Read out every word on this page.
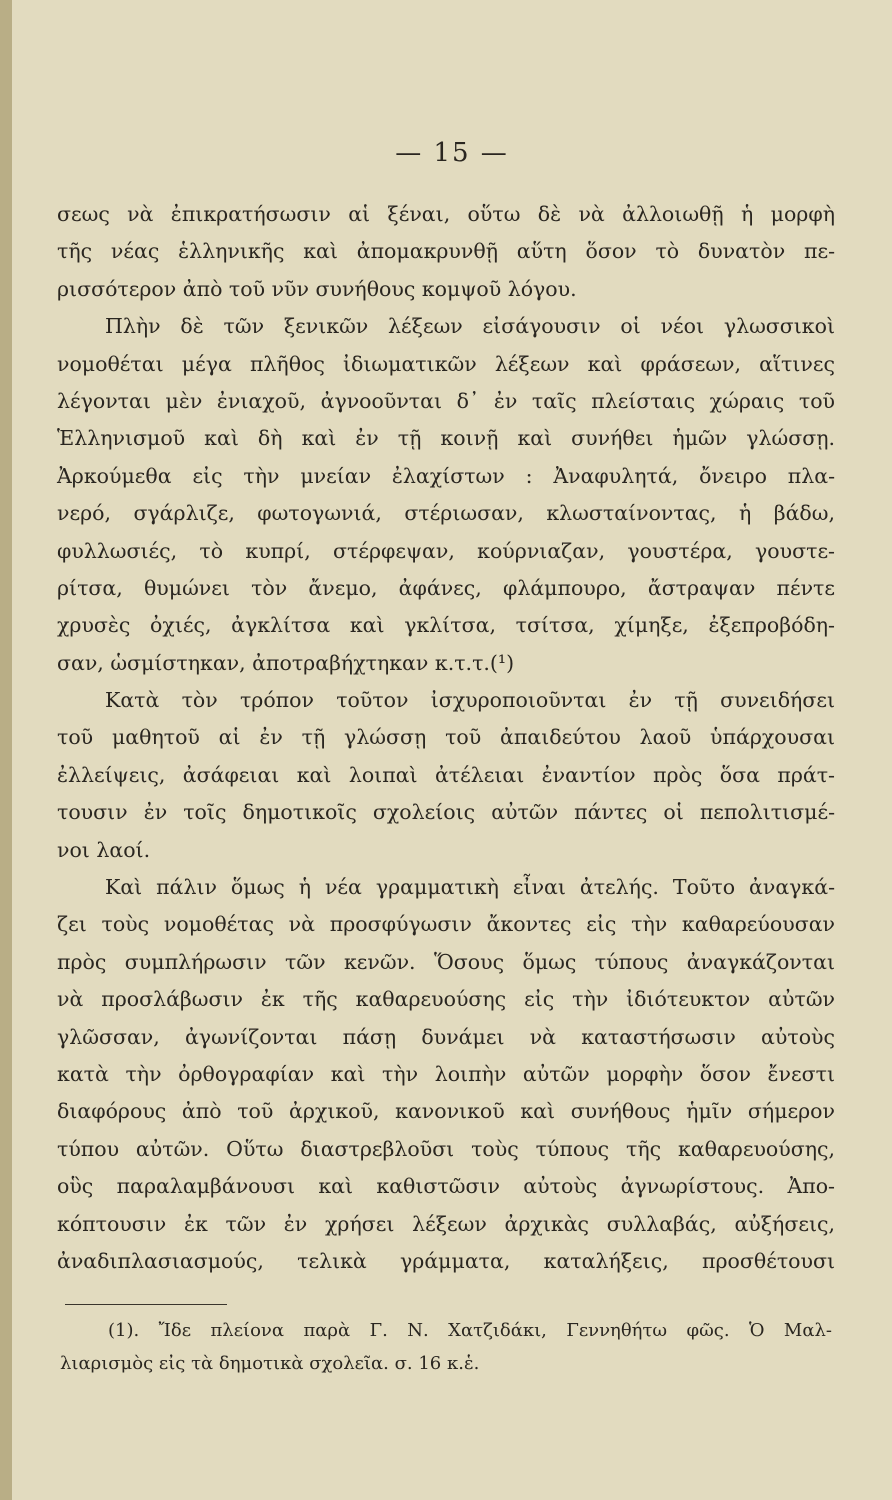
— 15 —
σεως νὰ ἐπικρατήσωσιν αἱ ξέναι, οὕτω δὲ νὰ ἀλλοιωθῇ ἡ μορφὴ
τῆς νέας ἑλληνικῆς καὶ ἀπομακρυνθῇ αὕτη ὅσον τὸ δυνατὸν πε-
ρισσότερον ἀπὸ τοῦ νῦν συνήθους κομψοῦ λόγου.
Πλὴν δὲ τῶν ξενικῶν λέξεων εἰσάγουσιν οἱ νέοι γλωσσικοὶ
νομοθέται μέγα πλῆθος ἰδιωματικῶν λέξεων καὶ φράσεων, αἵτινες
λέγονται μὲν ἐνιαχοῦ, ἀγνοοῦνται δ᾽ ἐν ταῖς πλείσταις χώραις τοῦ
Ἑλληνισμοῦ καὶ δὴ καὶ ἐν τῇ κοινῇ καὶ συνήθει ἡμῶν γλώσσῃ.
Ἀρκούμεθα εἰς τὴν μνείαν ἐλαχίστων : Ἀναφυλητά, ὄνειρο πλα-
νερό, σγάρλιζε, φωτογωνιά, στέριωσαν, κλωσταίνοντας, ἡ βάδω,
φυλλωσιές, τὸ κυπρί, στέρφεψαν, κούρνιαζαν, γουστέρα, γουστε-
ρίτσα, θυμώνει τὸν ἄνεμο, ἀφάνες, φλάμπουρο, ἄστραψαν πέντε
χρυσὲς ὀχιές, ἀγκλίτσα καὶ γκλίτσα, τσίτσα, χίμηξε, ἐξεπροβόδη-
σαν, ὡσμίστηκαν, ἀποτραβήχτηκαν κ.τ.τ.(¹)
Κατὰ τὸν τρόπον τοῦτον ἰσχυροποιοῦνται ἐν τῇ συνειδήσει
τοῦ μαθητοῦ αἱ ἐν τῇ γλώσσῃ τοῦ ἀπαιδεύτου λαοῦ ὑπάρχουσαι
ἐλλείψεις, ἀσάφειαι καὶ λοιπαὶ ἀτέλειαι ἐναντίον πρὸς ὅσα πράτ-
τουσιν ἐν τοῖς δημοτικοῖς σχολείοις αὐτῶν πάντες οἱ πεπολιτισμέ-
νοι λαοί.
Καὶ πάλιν ὅμως ἡ νέα γραμματικὴ εἶναι ἀτελής. Τοῦτο ἀναγκά-
ζει τοὺς νομοθέτας νὰ προσφύγωσιν ἄκοντες εἰς τὴν καθαρεύουσαν
πρὸς συμπλήρωσιν τῶν κενῶν. Ὅσους ὅμως τύπους ἀναγκάζονται
νὰ προσλάβωσιν ἐκ τῆς καθαρευούσης εἰς τὴν ἰδιότευκτον αὐτῶν
γλῶσσαν, ἀγωνίζονται πάσῃ δυνάμει νὰ καταστήσωσιν αὐτοὺς
κατὰ τὴν ὀρθογραφίαν καὶ τὴν λοιπὴν αὐτῶν μορφὴν ὅσον ἔνεστι
διαφόρους ἀπὸ τοῦ ἀρχικοῦ, κανονικοῦ καὶ συνήθους ἡμῖν σήμερον
τύπου αὐτῶν. Οὕτω διαστρεβλοῦσι τοὺς τύπους τῆς καθαρευούσης,
οὓς παραλαμβάνουσι καὶ καθιστῶσιν αὐτοὺς ἀγνωρίστους. Ἀπο-
κόπτουσιν ἐκ τῶν ἐν χρήσει λέξεων ἀρχικὰς συλλαβάς, αὐξήσεις,
ἀναδιπλασιασμούς, τελικὰ γράμματα, καταλήξεις, προσθέτουσι
(1). Ἴδε πλείονα παρὰ Γ. Ν. Χατζιδάκι, Γεννηθήτω φῶς. Ὁ Μαλ-
λιαρισμὸς εἰς τὰ δημοτικὰ σχολεῖα. σ. 16 κ.ἑ.
